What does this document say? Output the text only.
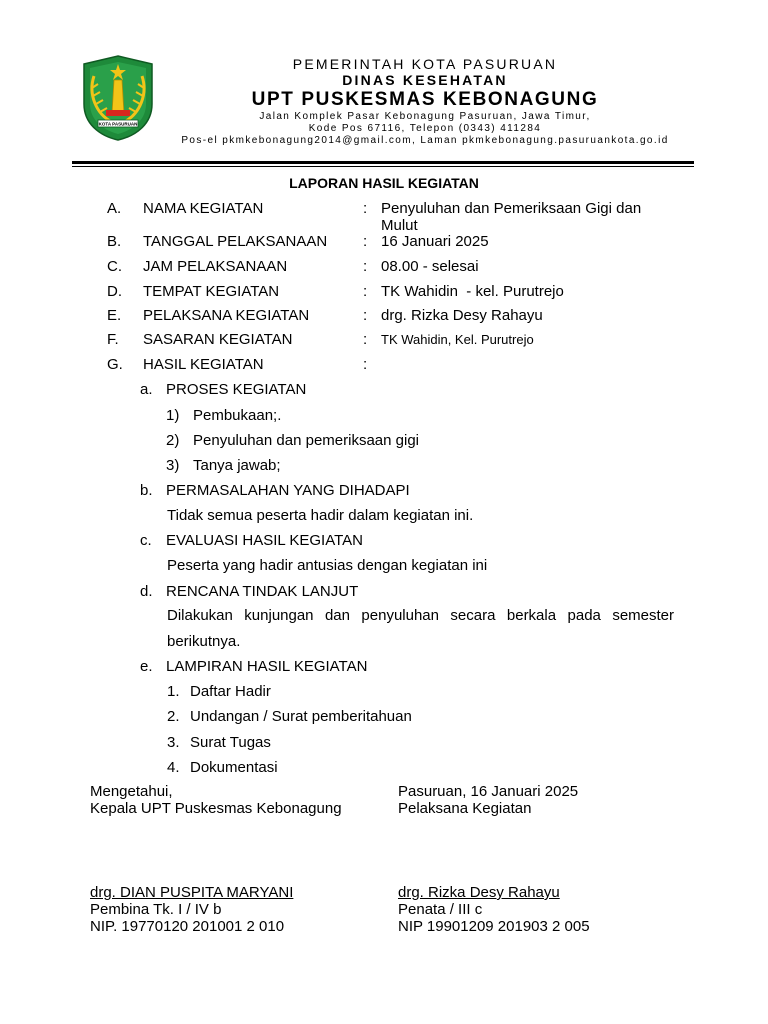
KOTA PASURUAN
PEMERINTAH KOTA PASURUAN
DINAS KESEHATAN
UPT PUSKESMAS KEBONAGUNG
Jalan Komplek Pasar Kebonagung Pasuruan, Jawa Timur,
Kode Pos 67116, Telepon (0343) 411284
Pos-el pkmkebonagung2014@gmail.com, Laman pkmkebonagung.pasuruankota.go.id
LAPORAN HASIL KEGIATAN
A. NAMA KEGIATAN	: Penyuluhan dan Pemeriksaan Gigi dan
Mulut
B. TANGGAL PELAKSANAAN : 16 Januari 2025
C. JAM PELAKSANAAN	: 08.00 - selesai
D. TEMPAT KEGIATAN	: TK Wahidin  - kel. Purutrejo
E. PELAKSANA KEGIATAN	: drg. Rizka Desy Rahayu
F. SASARAN KEGIATAN	: TK Wahidin, Kel. Purutrejo
G. HASIL KEGIATAN	:
a. PROSES KEGIATAN
1) Pembukaan;.
2) Penyuluhan dan pemeriksaan gigi
3) Tanya jawab;
b. PERMASALAHAN YANG DIHADAPI
Tidak semua peserta hadir dalam kegiatan ini.
c. EVALUASI HASIL KEGIATAN
Peserta yang hadir antusias dengan kegiatan ini
d. RENCANA TINDAK LANJUT
Dilakukan kunjungan dan penyuluhan secara berkala pada semester
berikutnya.
e. LAMPIRAN HASIL KEGIATAN
1. Daftar Hadir
2. Undangan / Surat pemberitahuan
3. Surat Tugas
4. Dokumentasi
Mengetahui,
Kepala UPT Puskesmas Kebonagung
drg. DIAN PUSPITA MARYANI
Pembina Tk. I / IV b
NIP. 19770120 201001 2 010
Pasuruan, 16 Januari 2025
Pelaksana Kegiatan
drg. Rizka Desy Rahayu
Penata / III c
NIP 19901209 201903 2 005
